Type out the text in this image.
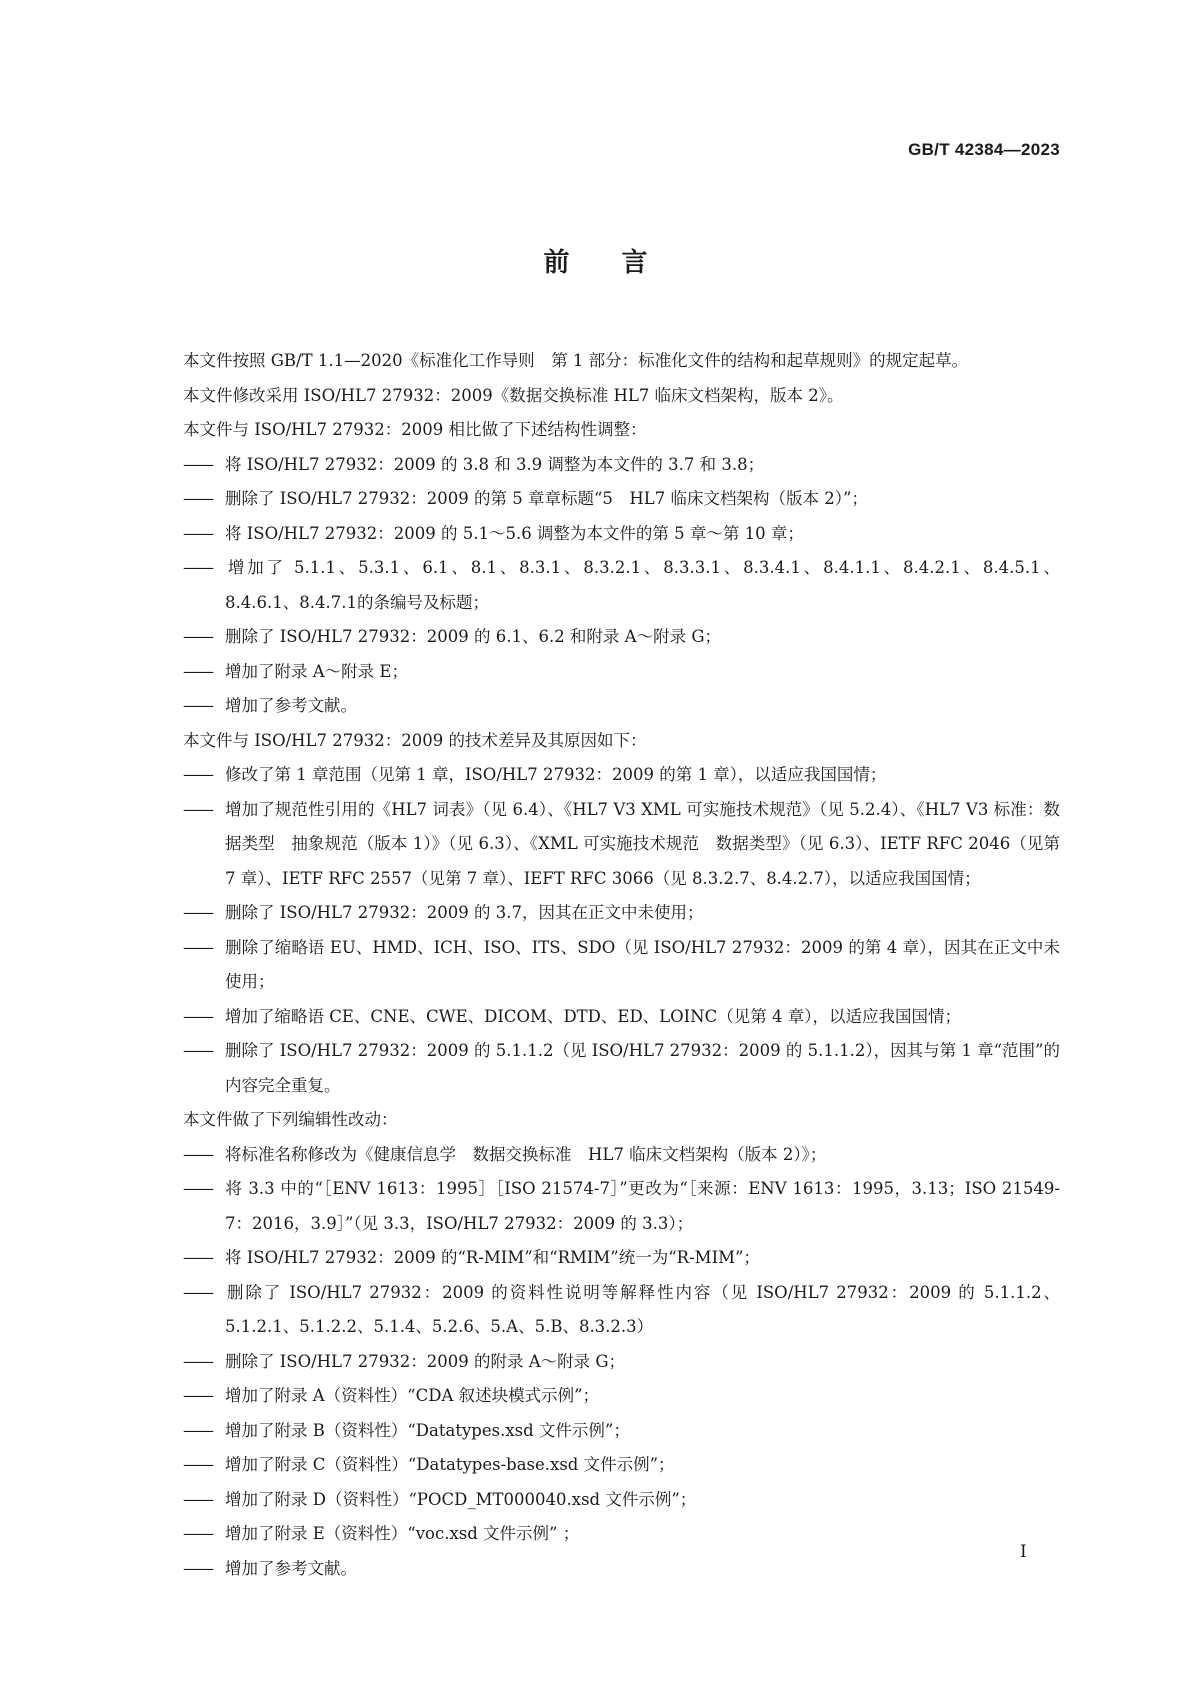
GB/T 42384—2023
前 言

本文件按照 GB/T 1.1—2020《标准化工作导则　第 1 部分：标准化文件的结构和起草规则》的规定起草。

本文件修改采用 ISO/HL7 27932：2009《数据交换标准 HL7 临床文档架构，版本 2》。

本文件与 ISO/HL7 27932：2009 相比做了下述结构性调整：

—— 将 ISO/HL7 27932：2009 的 3.8 和 3.9 调整为本文件的 3.7 和 3.8；

—— 删除了 ISO/HL7 27932：2009 的第 5 章章标题“5　HL7 临床文档架构（版本 2）”；

—— 将 ISO/HL7 27932：2009 的 5.1～5.6 调整为本文件的第 5 章～第 10 章；

—— 增加了 5.1.1、5.3.1、6.1、8.1、8.3.1、8.3.2.1、8.3.3.1、8.3.4.1、8.4.1.1、8.4.2.1、8.4.5.1、8.4.6.1、8.4.7.1的条编号及标题；

—— 删除了 ISO/HL7 27932：2009 的 6.1、6.2 和附录 A～附录 G；

—— 增加了附录 A～附录 E；

—— 增加了参考文献。

本文件与 ISO/HL7 27932：2009 的技术差异及其原因如下：

—— 修改了第 1 章范围（见第 1 章，ISO/HL7 27932：2009 的第 1 章），以适应我国国情；

—— 增加了规范性引用的《HL7 词表》（见 6.4）、《HL7 V3 XML 可实施技术规范》（见 5.2.4）、《HL7 V3 标准：数据类型　抽象规范（版本 1）》（见 6.3）、《XML 可实施技术规范　数据类型》（见 6.3）、IETF RFC 2046（见第 7 章）、IETF RFC 2557（见第 7 章）、IEFT RFC 3066（见 8.3.2.7、8.4.2.7），以适应我国国情；

—— 删除了 ISO/HL7 27932：2009 的 3.7，因其在正文中未使用；

—— 删除了缩略语 EU、HMD、ICH、ISO、ITS、SDO（见 ISO/HL7 27932：2009 的第 4 章），因其在正文中未使用；

—— 增加了缩略语 CE、CNE、CWE、DICOM、DTD、ED、LOINC（见第 4 章），以适应我国国情；

—— 删除了 ISO/HL7 27932：2009 的 5.1.1.2（见 ISO/HL7 27932：2009 的 5.1.1.2），因其与第 1 章“范围”的内容完全重复。

本文件做了下列编辑性改动：

—— 将标准名称修改为《健康信息学　数据交换标准　HL7 临床文档架构（版本 2）》；

—— 将 3.3 中的“［ENV 1613：1995］［ISO 21574-7］”更改为“［来源：ENV 1613：1995，3.13；ISO 21549-7：2016，3.9］”（见 3.3，ISO/HL7 27932：2009 的 3.3）；

—— 将 ISO/HL7 27932：2009 的“R-MIM”和“RMIM”统一为“R-MIM”；

—— 删除了 ISO/HL7 27932：2009 的资料性说明等解释性内容（见 ISO/HL7 27932：2009 的 5.1.1.2、5.1.2.1、5.1.2.2、5.1.4、5.2.6、5.A、5.B、8.3.2.3）

—— 删除了 ISO/HL7 27932：2009 的附录 A～附录 G；

—— 增加了附录 A（资料性）“CDA 叙述块模式示例”；

—— 增加了附录 B（资料性）“Datatypes.xsd 文件示例”；

—— 增加了附录 C（资料性）“Datatypes-base.xsd 文件示例”；

—— 增加了附录 D（资料性）“POCD_MT000040.xsd 文件示例”；

—— 增加了附录 E（资料性）“voc.xsd 文件示例” ；

—— 增加了参考文献。

I
